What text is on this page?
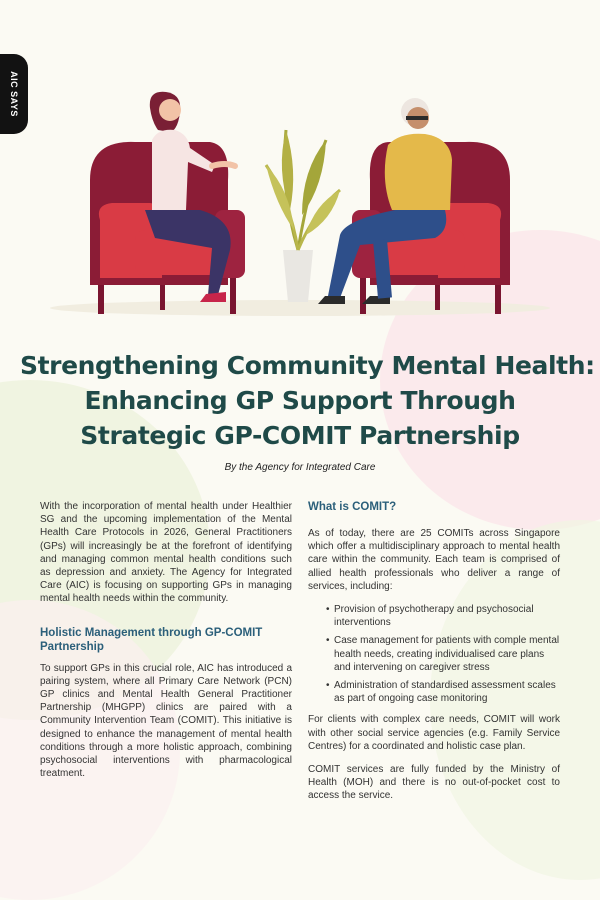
AIC SAYS
Strengthening Community Mental Health:
Enhancing GP Support Through
Strategic GP-COMIT Partnership
By the Agency for Integrated Care

With the incorporation of mental health under Healthier SG and the upcoming implementation of the Mental Health Care Protocols in 2026, General Practitioners (GPs) will increasingly be at the forefront of identifying and managing common mental health conditions such as depression and anxiety. The Agency for Integrated Care (AIC) is focusing on supporting GPs in managing mental health needs within the community.

Holistic Management through GP-COMIT Partnership

To support GPs in this crucial role, AIC has introduced a pairing system, where all Primary Care Network (PCN) GP clinics and Mental Health General Practitioner Partnership (MHGPP) clinics are paired with a Community Intervention Team (COMIT). This initiative is designed to enhance the management of mental health conditions through a more holistic approach, combining psychosocial interventions with pharmacological treatment.

What is COMIT?

As of today, there are 25 COMITs across Singapore which offer a multidisciplinary approach to mental health care within the community. Each team is comprised of allied health professionals who deliver a range of services, including:

• Provision of psychotherapy and psychosocial interventions
• Case management for patients with comple mental health needs, creating individualised care plans and intervening on caregiver stress
• Administration of standardised assessment scales as part of ongoing case monitoring

For clients with complex care needs, COMIT will work with other social service agencies (e.g. Family Service Centres) for a coordinated and holistic case plan.

COMIT services are fully funded by the Ministry of Health (MOH) and there is no out-of-pocket cost to access the service.
